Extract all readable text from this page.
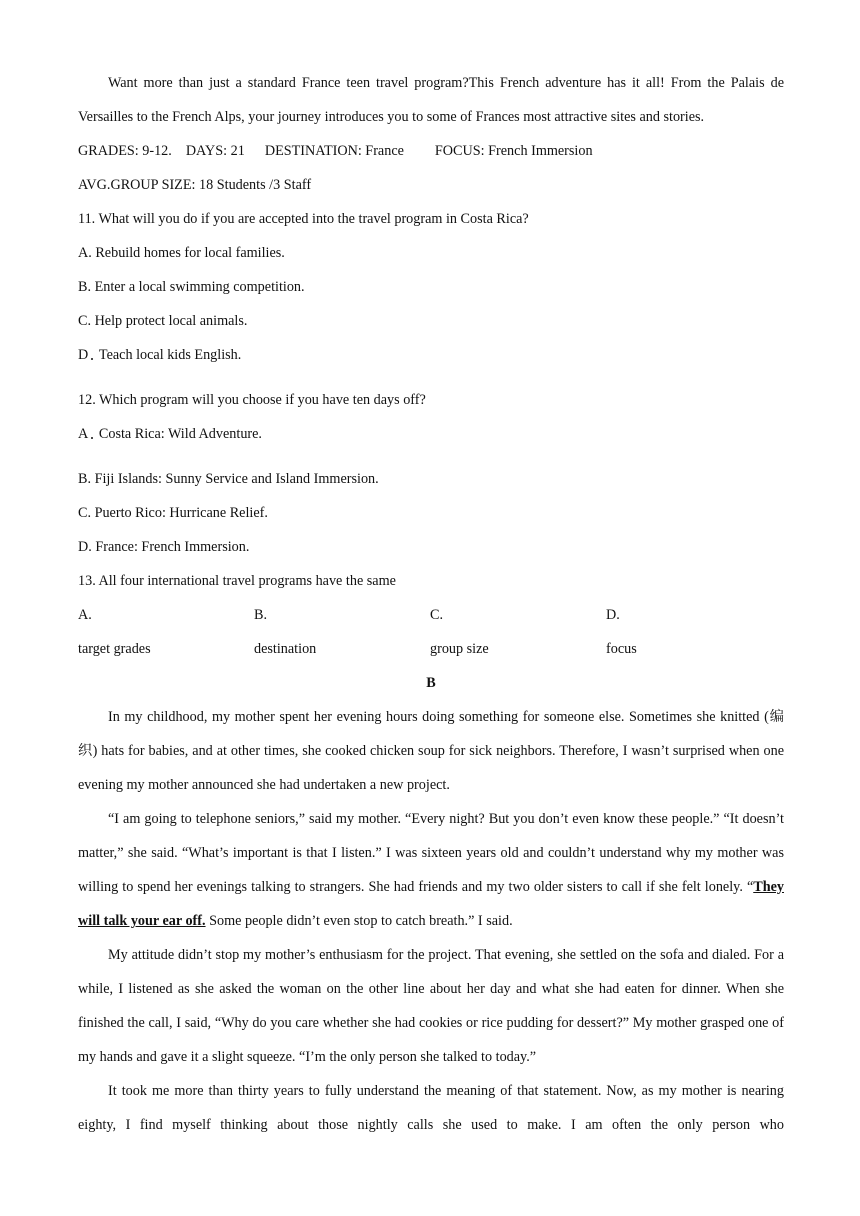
Want more than just a standard France teen travel program?This French adventure has it all! From the Palais de Versailles to the French Alps, your journey introduces you to some of Frances most attractive sites and stories.

GRADES: 9-12. DAYS: 21 DESTINATION: France FOCUS: French Immersion

AVG.GROUP SIZE: 18 Students /3 Staff

11. What will you do if you are accepted into the travel program in Costa Rica?

A. Rebuild homes for local families.

B. Enter a local swimming competition.

C. Help protect local animals.

D Teach local kids English.

12. Which program will you choose if you have ten days off?

A Costa Rica: Wild Adventure.

B. Fiji Islands: Sunny Service and Island Immersion.

C. Puerto Rico: Hurricane Relief.

D. France: French Immersion.

13. All four international travel programs have the same

A.
target grades
B.
destination
C.
group size
D.
focus

B

In my childhood, my mother spent her evening hours doing something for someone else. Sometimes she knitted (编织) hats for babies, and at other times, she cooked chicken soup for sick neighbors. Therefore, I wasn’t surprised when one evening my mother announced she had undertaken a new project.

“I am going to telephone seniors,” said my mother. “Every night? But you don’t even know these people.” “It doesn’t matter,” she said. “What’s important is that I listen.” I was sixteen years old and couldn’t understand why my mother was willing to spend her evenings talking to strangers. She had friends and my two older sisters to call if she felt lonely. “They will talk your ear off. Some people didn’t even stop to catch breath.” I said.

My attitude didn’t stop my mother’s enthusiasm for the project. That evening, she settled on the sofa and dialed. For a while, I listened as she asked the woman on the other line about her day and what she had eaten for dinner. When she finished the call, I said, “Why do you care whether she had cookies or rice pudding for dessert?” My mother grasped one of my hands and gave it a slight squeeze. “I’m the only person she talked to today.”

It took me more than thirty years to fully understand the meaning of that statement. Now, as my mother is nearing eighty, I find myself thinking about those nightly calls she used to make. I am often the only person who
